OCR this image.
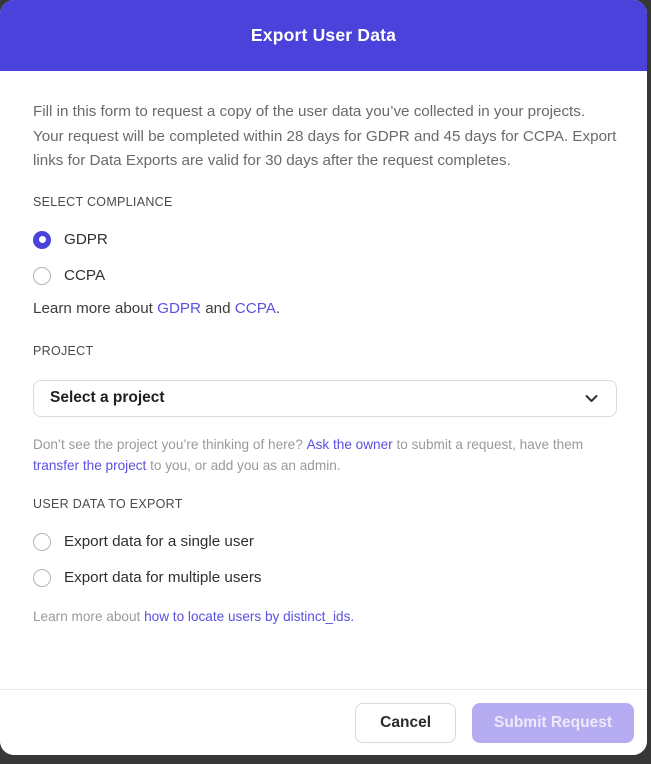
Export User Data

Fill in this form to request a copy of the user data you’ve collected in your projects. Your request will be completed within 28 days for GDPR and 45 days for CCPA. Export links for Data Exports are valid for 30 days after the request completes.

SELECT COMPLIANCE
GDPR
CCPA

Learn more about GDPR and CCPA.

PROJECT
Select a project

Don’t see the project you’re thinking of here? Ask the owner to submit a request, have them transfer the project to you, or add you as an admin.

USER DATA TO EXPORT
Export data for a single user
Export data for multiple users

Learn more about how to locate users by distinct_ids.

Cancel	Submit Request
